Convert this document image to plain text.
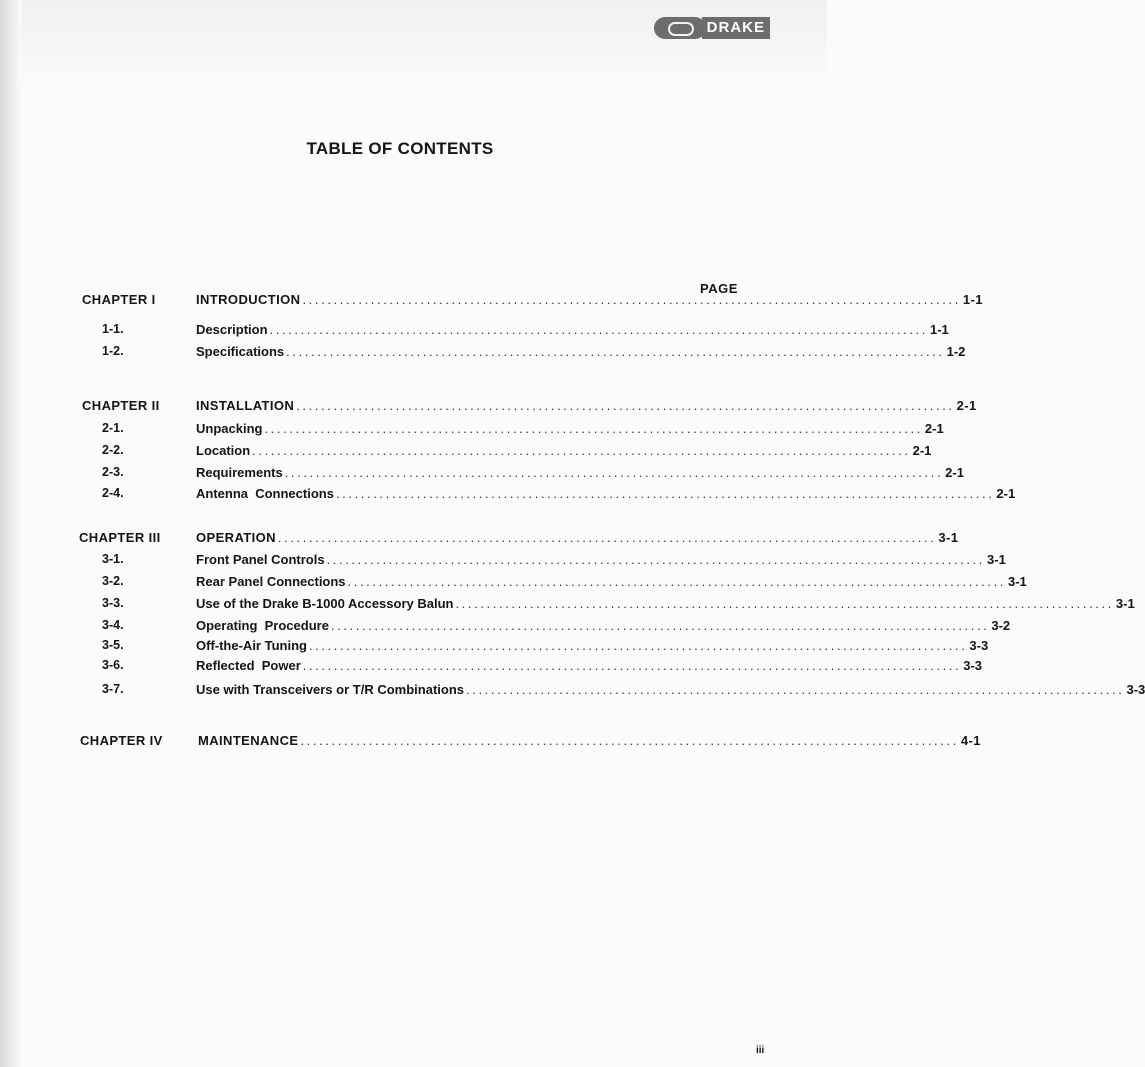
DRAKE
TABLE OF CONTENTS
PAGE
CHAPTER I	INTRODUCTION .......................................................................................................... 1-1
1-1.	Description .......................................................................................................... 1-1
1-2.	Specifications .......................................................................................................... 1-2
CHAPTER II	INSTALLATION .......................................................................................................... 2-1
2-1.	Unpacking .......................................................................................................... 2-1
2-2.	Location .......................................................................................................... 2-1
2-3.	Requirements .......................................................................................................... 2-1
2-4.	Antenna  Connections .......................................................................................................... 2-1
CHAPTER III	OPERATION .......................................................................................................... 3-1
3-1.	Front Panel Controls .......................................................................................................... 3-1
3-2.	Rear Panel Connections .......................................................................................................... 3-1
3-3.	Use of the Drake B-1000 Accessory Balun .......................................................................................................... 3-1
3-4.	Operating  Procedure .......................................................................................................... 3-2
3-5.	Off-the-Air Tuning .......................................................................................................... 3-3
3-6.	Reflected  Power .......................................................................................................... 3-3
3-7.	Use with Transceivers or T/R Combinations .......................................................................................................... 3-3
CHAPTER IV	MAINTENANCE .......................................................................................................... 4-1
iii
